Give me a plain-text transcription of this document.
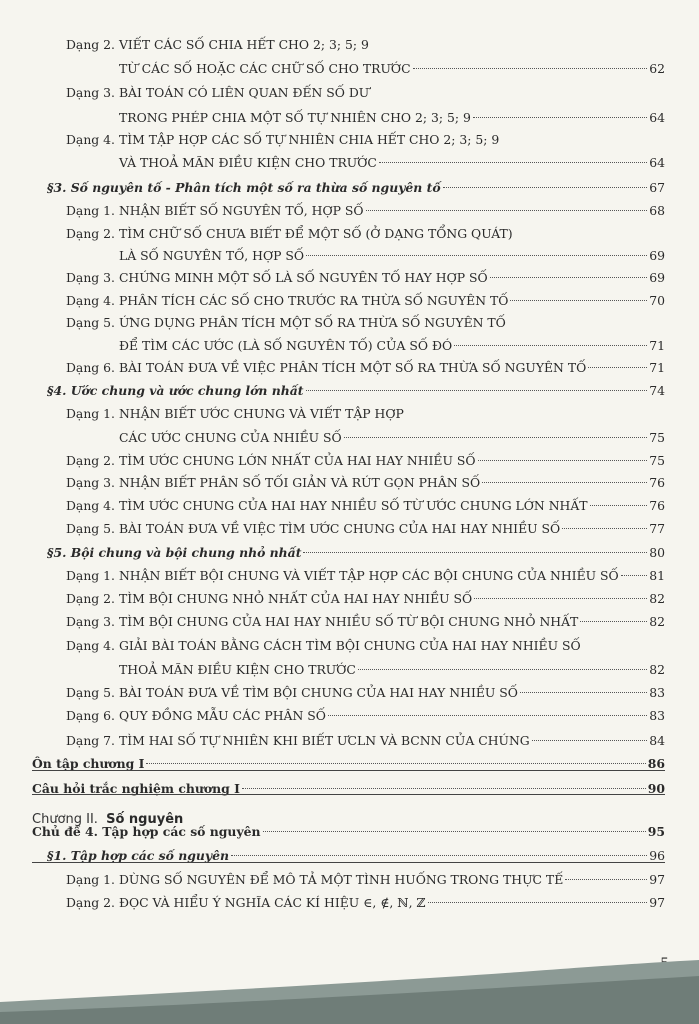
Dạng 2. VIẾT CÁC SỐ CHIA HẾT CHO 2; 3; 5; 9
TỪ CÁC SỐ HOẶC CÁC CHỮ SỐ CHO TRƯỚC	62
Dạng 3. BÀI TOÁN CÓ LIÊN QUAN ĐẾN SỐ DƯ
TRONG PHÉP CHIA MỘT SỐ TỰ NHIÊN CHO 2; 3; 5; 9	64
Dạng 4. TÌM TẬP HỢP CÁC SỐ TỰ NHIÊN CHIA HẾT CHO 2; 3; 5; 9
VÀ THOẢ MÃN ĐIỀU KIỆN CHO TRƯỚC	64
§3. Số nguyên tố - Phân tích một số ra thừa số nguyên tố	67
Dạng 1. NHẬN BIẾT SỐ NGUYÊN TỐ, HỢP SỐ	68
Dạng 2. TÌM CHỮ SỐ CHƯA BIẾT ĐỂ MỘT SỐ (Ở DẠNG TỔNG QUÁT)
LÀ SỐ NGUYÊN TỐ, HỢP SỐ	69
Dạng 3. CHỨNG MINH MỘT SỐ LÀ SỐ NGUYÊN TỐ HAY HỢP SỐ	69
Dạng 4. PHÂN TÍCH CÁC SỐ CHO TRƯỚC RA THỪA SỐ NGUYÊN TỐ	70
Dạng 5. ỨNG DỤNG PHÂN TÍCH MỘT SỐ RA THỪA SỐ NGUYÊN TỐ
ĐỂ TÌM CÁC ƯỚC (LÀ SỐ NGUYÊN TỐ) CỦA SỐ ĐÓ	71
Dạng 6. BÀI TOÁN ĐƯA VỀ VIỆC PHÂN TÍCH MỘT SỐ RA THỪA SỐ NGUYÊN TỐ	71
§4. Ước chung và ước chung lớn nhất	74
Dạng 1. NHẬN BIẾT ƯỚC CHUNG VÀ VIẾT TẬP HỢP
CÁC ƯỚC CHUNG CỦA NHIỀU SỐ	75
Dạng 2. TÌM ƯỚC CHUNG LỚN NHẤT CỦA HAI HAY NHIỀU SỐ	75
Dạng 3. NHẬN BIẾT PHÂN SỐ TỐI GIẢN VÀ RÚT GỌN PHÂN SỐ	76
Dạng 4. TÌM ƯỚC CHUNG CỦA HAI HAY NHIỀU SỐ TỪ ƯỚC CHUNG LỚN NHẤT	76
Dạng 5. BÀI TOÁN ĐƯA VỀ VIỆC TÌM ƯỚC CHUNG CỦA HAI HAY NHIỀU SỐ	77
§5. Bội chung và bội chung nhỏ nhất	80
Dạng 1. NHẬN BIẾT BỘI CHUNG VÀ VIẾT TẬP HỢP CÁC BỘI CHUNG CỦA NHIỀU SỐ 81
Dạng 2. TÌM BỘI CHUNG NHỎ NHẤT CỦA HAI HAY NHIỀU SỐ	82
Dạng 3. TÌM BỘI CHUNG CỦA HAI HAY NHIỀU SỐ TỪ BỘI CHUNG NHỎ NHẤT	82
Dạng 4. GIẢI BÀI TOÁN BẰNG CÁCH TÌM BỘI CHUNG CỦA HAI HAY NHIỀU SỐ
THOẢ MÃN ĐIỀU KIỆN CHO TRƯỚC	82
Dạng 5. BÀI TOÁN ĐƯA VỀ TÌM BỘI CHUNG CỦA HAI HAY NHIỀU SỐ	83
Dạng 6. QUY ĐỒNG MẪU CÁC PHÂN SỐ	83
Dạng 7. TÌM HAI SỐ TỰ NHIÊN KHI BIẾT ƯCLN VÀ BCNN CỦA CHÚNG	84
Ôn tập chương I	86
Câu hỏi trắc nghiệm chương I	90
Chủ đề 4. Tập hợp các số nguyên	95
§1. Tập hợp các số nguyên	96
Dạng 1. DÙNG SỐ NGUYÊN ĐỂ MÔ TẢ MỘT TÌNH HUỐNG TRONG THỰC TẾ	97
Dạng 2. ĐỌC VÀ HIỂU Ý NGHĨA CÁC KÍ HIỆU ∈, ∉, ℕ, ℤ	97
Chương II. Số nguyên
